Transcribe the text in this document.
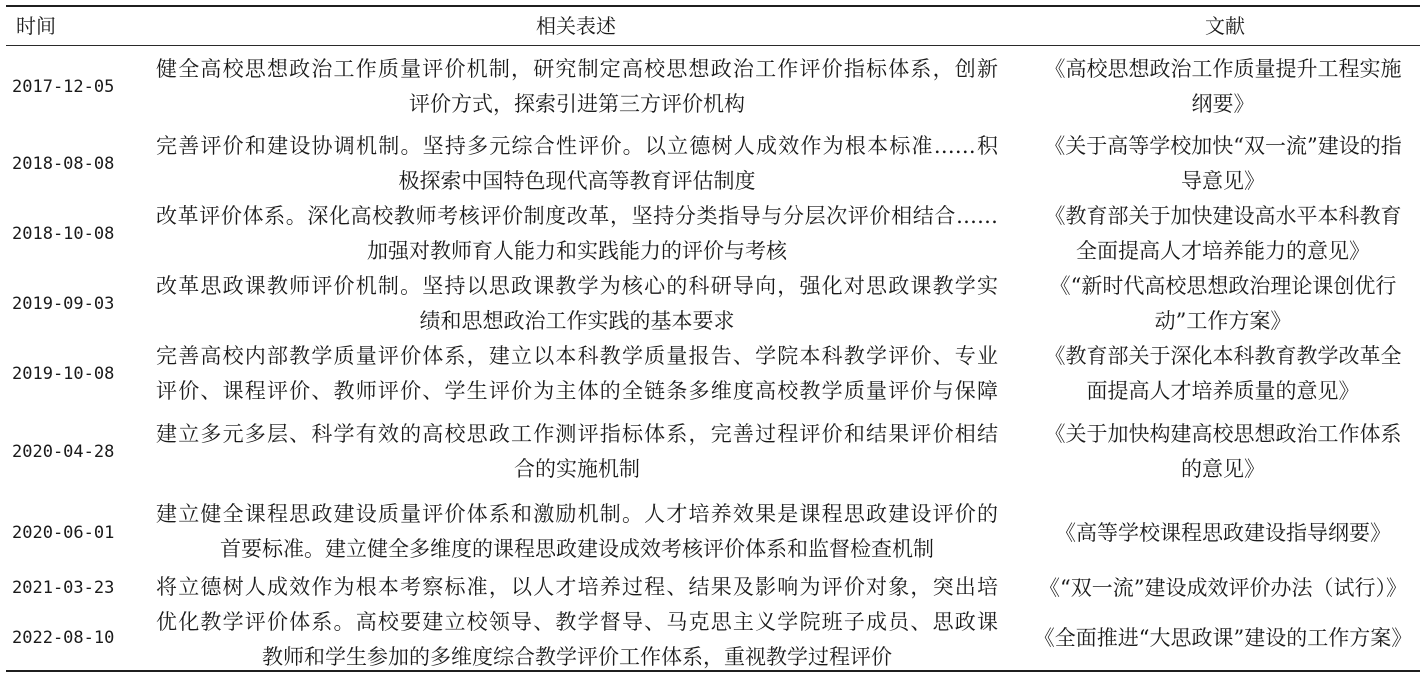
时间	相关表述	文献
2017-12-05
健全高校思想政治工作质量评价机制，研究制定高校思想政治工作评价指标体系，创新
评价方式，探索引进第三方评价机构
《高校思想政治工作质量提升工程实施
纲要》
2018-08-08
完善评价和建设协调机制。坚持多元综合性评价。以立德树人成效作为根本标准……积
极探索中国特色现代高等教育评估制度
《关于高等学校加快“双一流”建设的指
导意见》
2018-10-08
改革评价体系。深化高校教师考核评价制度改革，坚持分类指导与分层次评价相结合……
加强对教师育人能力和实践能力的评价与考核
《教育部关于加快建设高水平本科教育
全面提高人才培养能力的意见》
2019-09-03
改革思政课教师评价机制。坚持以思政课教学为核心的科研导向，强化对思政课教学实
绩和思想政治工作实践的基本要求
《“新时代高校思想政治理论课创优行
动”工作方案》
2019-10-08
完善高校内部教学质量评价体系，建立以本科教学质量报告、学院本科教学评价、专业
评价、课程评价、教师评价、学生评价为主体的全链条多维度高校教学质量评价与保障
《教育部关于深化本科教育教学改革全
面提高人才培养质量的意见》
2020-04-28
建立多元多层、科学有效的高校思政工作测评指标体系，完善过程评价和结果评价相结
合的实施机制
《关于加快构建高校思想政治工作体系
的意见》
2020-06-01
建立健全课程思政建设质量评价体系和激励机制。人才培养效果是课程思政建设评价的
首要标准。建立健全多维度的课程思政建设成效考核评价体系和监督检查机制
《高等学校课程思政建设指导纲要》
2021-03-23 将立德树人成效作为根本考察标准，以人才培养过程、结果及影响为评价对象，突出培 《“双一流”建设成效评价办法（试行）》
2022-08-10
优化教学评价体系。高校要建立校领导、教学督导、马克思主义学院班子成员、思政课
教师和学生参加的多维度综合教学评价工作体系，重视教学过程评价
《全面推进“大思政课”建设的工作方案》
